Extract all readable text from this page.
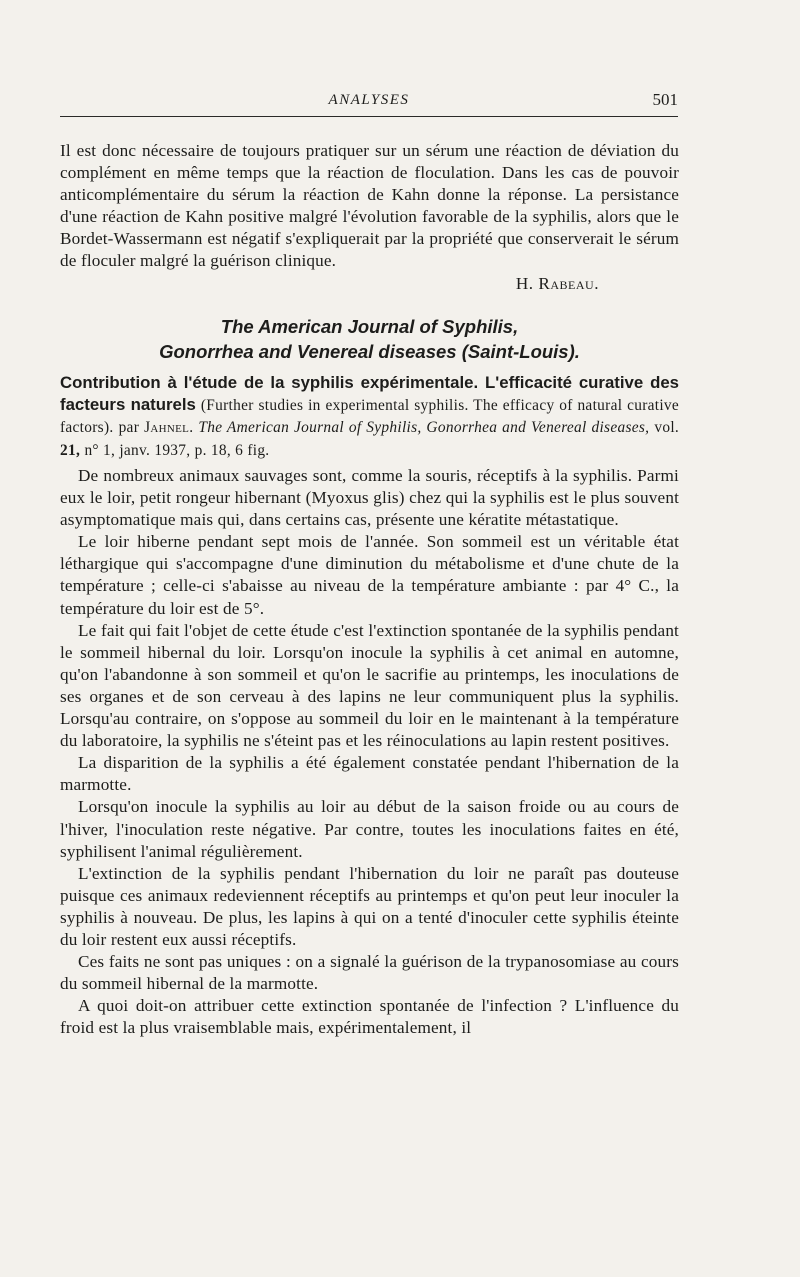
ANALYSES	501

Il est donc nécessaire de toujours pratiquer sur un sérum une réaction de déviation du complément en même temps que la réaction de floculation. Dans les cas de pouvoir anticomplémentaire du sérum la réaction de Kahn donne la réponse. La persistance d'une réaction de Kahn positive malgré l'évolution favorable de la syphilis, alors que le Bordet-Wassermann est négatif s'expliquerait par la propriété que conserverait le sérum de floculer malgré la guérison clinique.

H. Rabeau.
The American Journal of Syphilis,
Gonorrhea and Venereal diseases (Saint-Louis).
Contribution à l'étude de la syphilis expérimentale. L'efficacité curative des facteurs naturels (Further studies in experimental syphilis. The efficacy of natural curative factors). par Jahnel. The American Journal of Syphilis, Gonorrhea and Venereal diseases, vol. 21, n° 1, janv. 1937, p. 18, 6 fig.

De nombreux animaux sauvages sont, comme la souris, réceptifs à la syphilis. Parmi eux le loir, petit rongeur hibernant (Myoxus glis) chez qui la syphilis est le plus souvent asymptomatique mais qui, dans certains cas, présente une kératite métastatique.

Le loir hiberne pendant sept mois de l'année. Son sommeil est un véritable état léthargique qui s'accompagne d'une diminution du métabolisme et d'une chute de la température ; celle-ci s'abaisse au niveau de la température ambiante : par 4° C., la température du loir est de 5°.

Le fait qui fait l'objet de cette étude c'est l'extinction spontanée de la syphilis pendant le sommeil hibernal du loir. Lorsqu'on inocule la syphilis à cet animal en automne, qu'on l'abandonne à son sommeil et qu'on le sacrifie au printemps, les inoculations de ses organes et de son cerveau à des lapins ne leur communiquent plus la syphilis. Lorsqu'au contraire, on s'oppose au sommeil du loir en le maintenant à la température du laboratoire, la syphilis ne s'éteint pas et les réinoculations au lapin restent positives.

La disparition de la syphilis a été également constatée pendant l'hibernation de la marmotte.

Lorsqu'on inocule la syphilis au loir au début de la saison froide ou au cours de l'hiver, l'inoculation reste négative. Par contre, toutes les inoculations faites en été, syphilisent l'animal régulièrement.

L'extinction de la syphilis pendant l'hibernation du loir ne paraît pas douteuse puisque ces animaux redeviennent réceptifs au printemps et qu'on peut leur inoculer la syphilis à nouveau. De plus, les lapins à qui on a tenté d'inoculer cette syphilis éteinte du loir restent eux aussi réceptifs.

Ces faits ne sont pas uniques : on a signalé la guérison de la trypanosomiase au cours du sommeil hibernal de la marmotte.

A quoi doit-on attribuer cette extinction spontanée de l'infection ? L'influence du froid est la plus vraisemblable mais, expérimentalement, il
